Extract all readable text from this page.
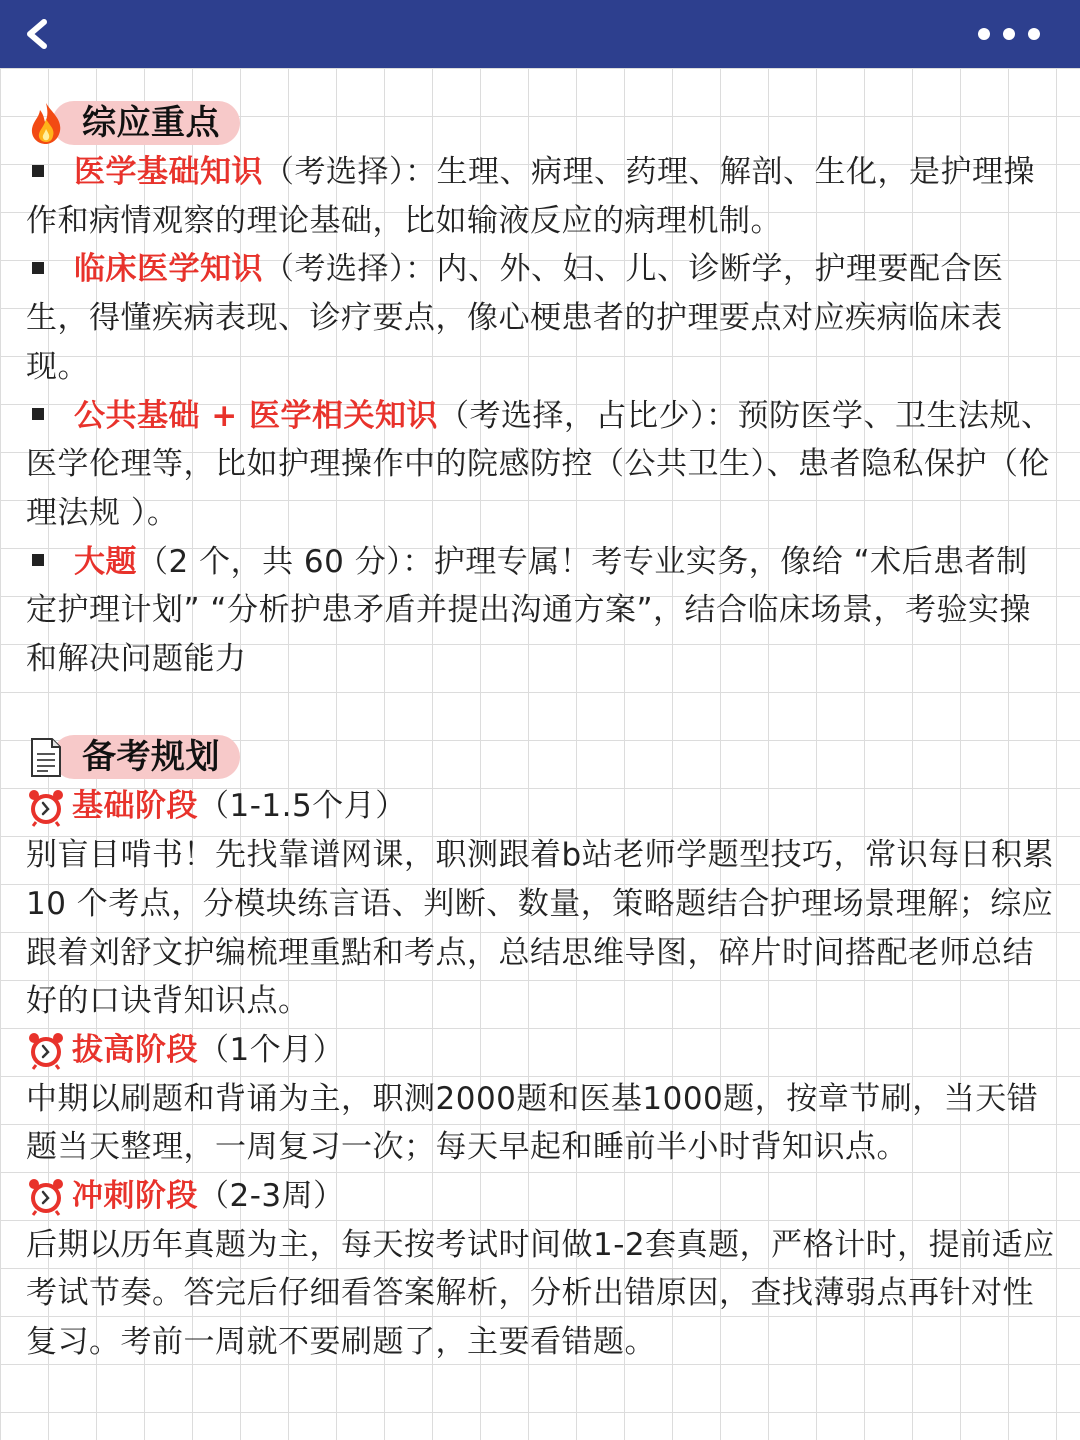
综应重点
医学基础知识（考选择）：生理、病理、药理、解剖、生化，是护理操作和病情观察的理论基础，比如输液反应的病理机制。
临床医学知识（考选择）：内、外、妇、儿、诊断学，护理要配合医生，得懂疾病表现、诊疗要点，像心梗患者的护理要点对应疾病临床表现。
公共基础 + 医学相关知识（考选择，占比少）：预防医学、卫生法规、医学伦理等，比如护理操作中的院感防控（公共卫生）、患者隐私保护（伦理法规 ）。
大题（2 个，共 60 分）：护理专属！考专业实务，像给 “术后患者制定护理计划” “分析护患矛盾并提出沟通方案”，结合临床场景，考验实操和解决问题能力
备考规划
基础阶段 （1-1.5个月）
别盲目啃书！先找靠谱网课，职测跟着b站老师学题型技巧，常识每日积累 10 个考点，分模块练言语、判断、数量，策略题结合护理场景理解；综应跟着刘舒文护编梳理重點和考点，总结思维导图，碎片时间搭配老师总结好的口诀背知识点。
拔高阶段 （1个月）
中期以刷题和背诵为主，职测2000题和医基1000题，按章节刷，当天错题当天整理，一周复习一次；每天早起和睡前半小时背知识点。
冲刺阶段 （2-3周）
后期以历年真题为主，每天按考试时间做1-2套真题，严格计时，提前适应考试节奏。答完后仔细看答案解析，分析出错原因，查找薄弱点再针对性复习。考前一周就不要刷题了，主要看错题。
